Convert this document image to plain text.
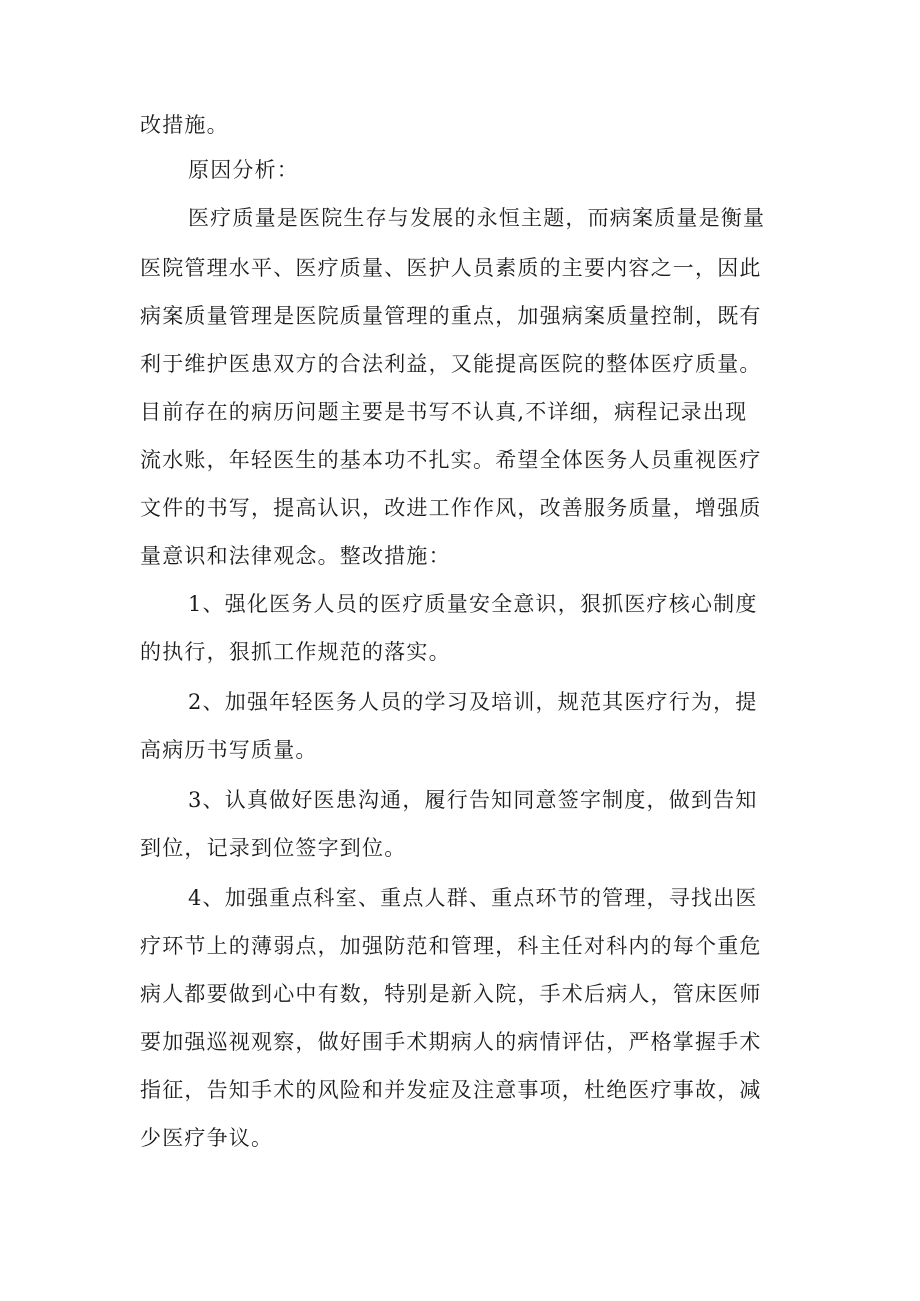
改措施。
原因分析：
医疗质量是医院生存与发展的永恒主题，而病案质量是衡量
医院管理水平、医疗质量、医护人员素质的主要内容之一，因此
病案质量管理是医院质量管理的重点，加强病案质量控制，既有
利于维护医患双方的合法利益，又能提高医院的整体医疗质量。
目前存在的病历问题主要是书写不认真,不详细，病程记录出现
流水账，年轻医生的基本功不扎实。希望全体医务人员重视医疗
文件的书写，提高认识，改进工作作风，改善服务质量，增强质
量意识和法律观念。整改措施：
1、强化医务人员的医疗质量安全意识，狠抓医疗核心制度
的执行，狠抓工作规范的落实。
2、加强年轻医务人员的学习及培训，规范其医疗行为，提
高病历书写质量。
3、认真做好医患沟通，履行告知同意签字制度，做到告知
到位，记录到位签字到位。
4、加强重点科室、重点人群、重点环节的管理，寻找出医
疗环节上的薄弱点，加强防范和管理，科主任对科内的每个重危
病人都要做到心中有数，特别是新入院，手术后病人，管床医师
要加强巡视观察，做好围手术期病人的病情评估，严格掌握手术
指征，告知手术的风险和并发症及注意事项，杜绝医疗事故，减
少医疗争议。
